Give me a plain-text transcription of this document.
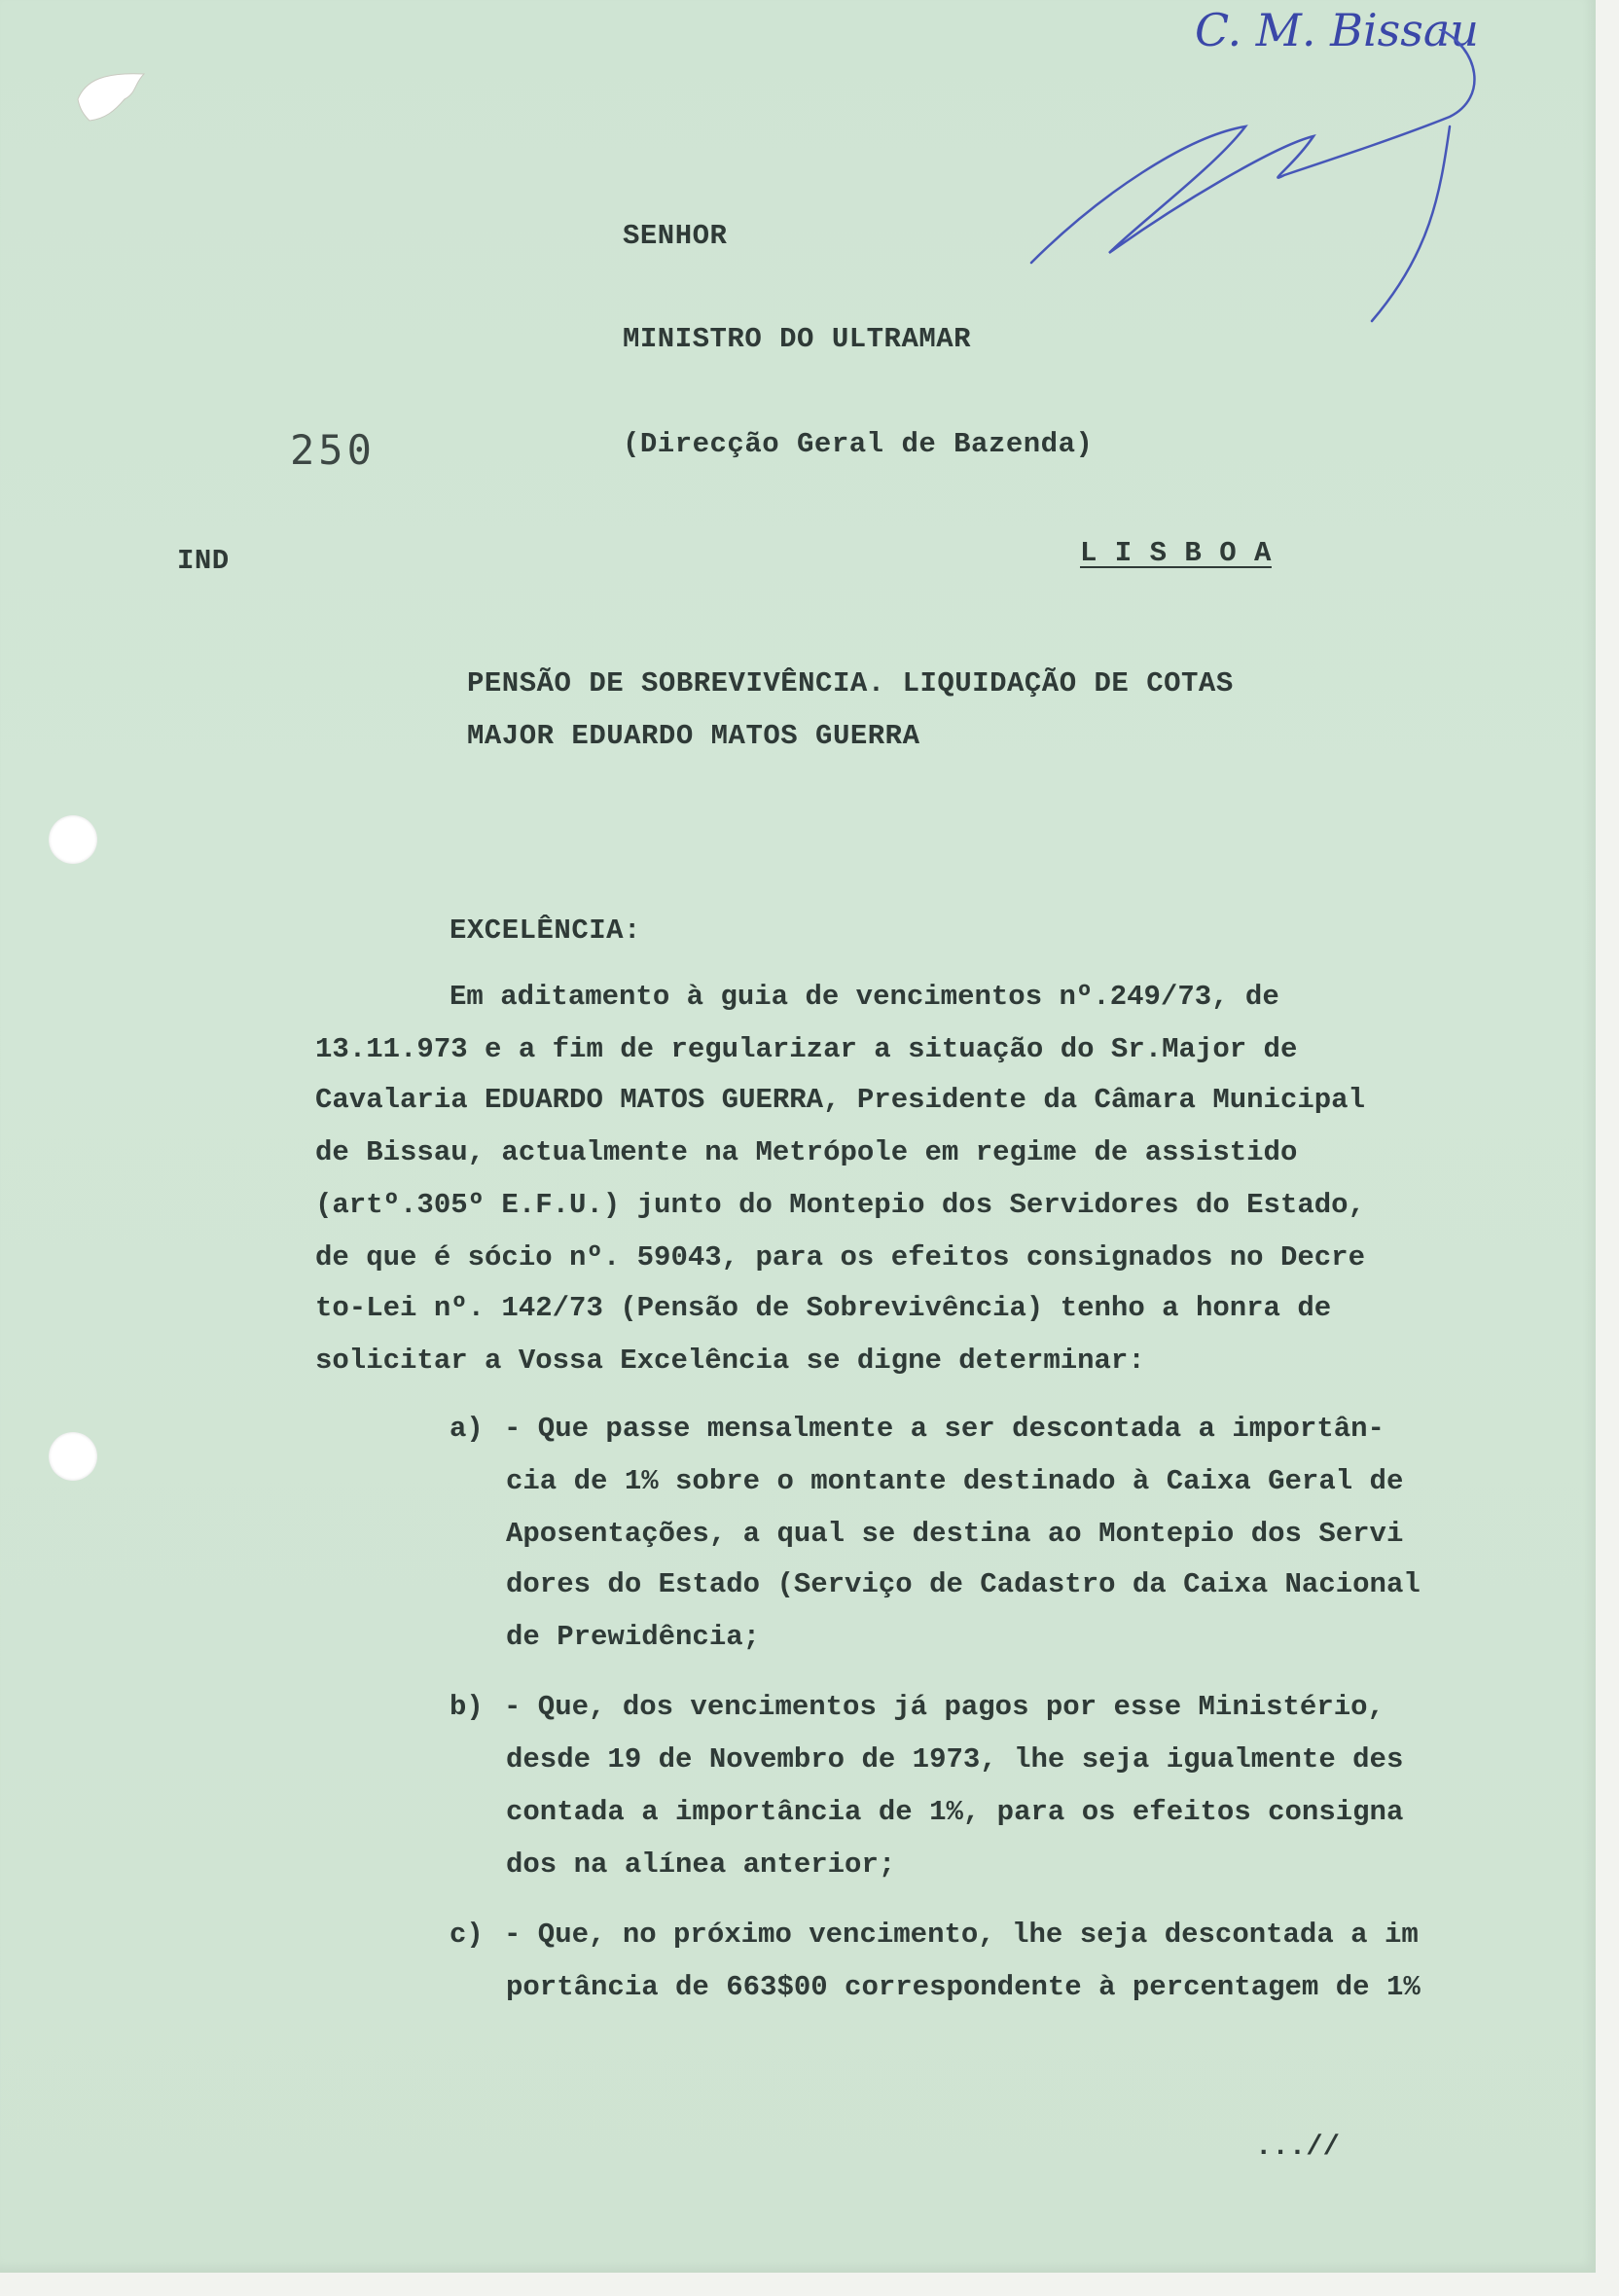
C. M. Bissau
250
IND
SENHOR
MINISTRO DO ULTRAMAR
(Direcção Geral de Bazenda)
L I S B O A
PENSÃO DE SOBREVIVÊNCIA. LIQUIDAÇÃO DE COTAS
MAJOR EDUARDO MATOS GUERRA
EXCELÊNCIA:
Em aditamento à guia de vencimentos nº.249/73, de
13.11.973 e a fim de regularizar a situação do Sr.Major de
Cavalaria EDUARDO MATOS GUERRA, Presidente da Câmara Municipal
de Bissau, actualmente na Metrópole em regime de assistido
(artº.305º E.F.U.) junto do Montepio dos Servidores do Estado,
de que é sócio nº. 59043, para os efeitos consignados no Decre
to-Lei nº. 142/73 (Pensão de Sobrevivência) tenho a honra de
solicitar a Vossa Excelência se digne determinar:
a) - Que passe mensalmente a ser descontada a importân-
cia de 1% sobre o montante destinado à Caixa Geral de
Aposentações, a qual se destina ao Montepio dos Servi
dores do Estado (Serviço de Cadastro da Caixa Nacional
de Prewidência;
b) - Que, dos vencimentos já pagos por esse Ministério,
desde 19 de Novembro de 1973, lhe seja igualmente des
contada a importância de 1%, para os efeitos consigna
dos na alínea anterior;
c) - Que, no próximo vencimento, lhe seja descontada a im
portância de 663$00 correspondente à percentagem de 1%
...//
